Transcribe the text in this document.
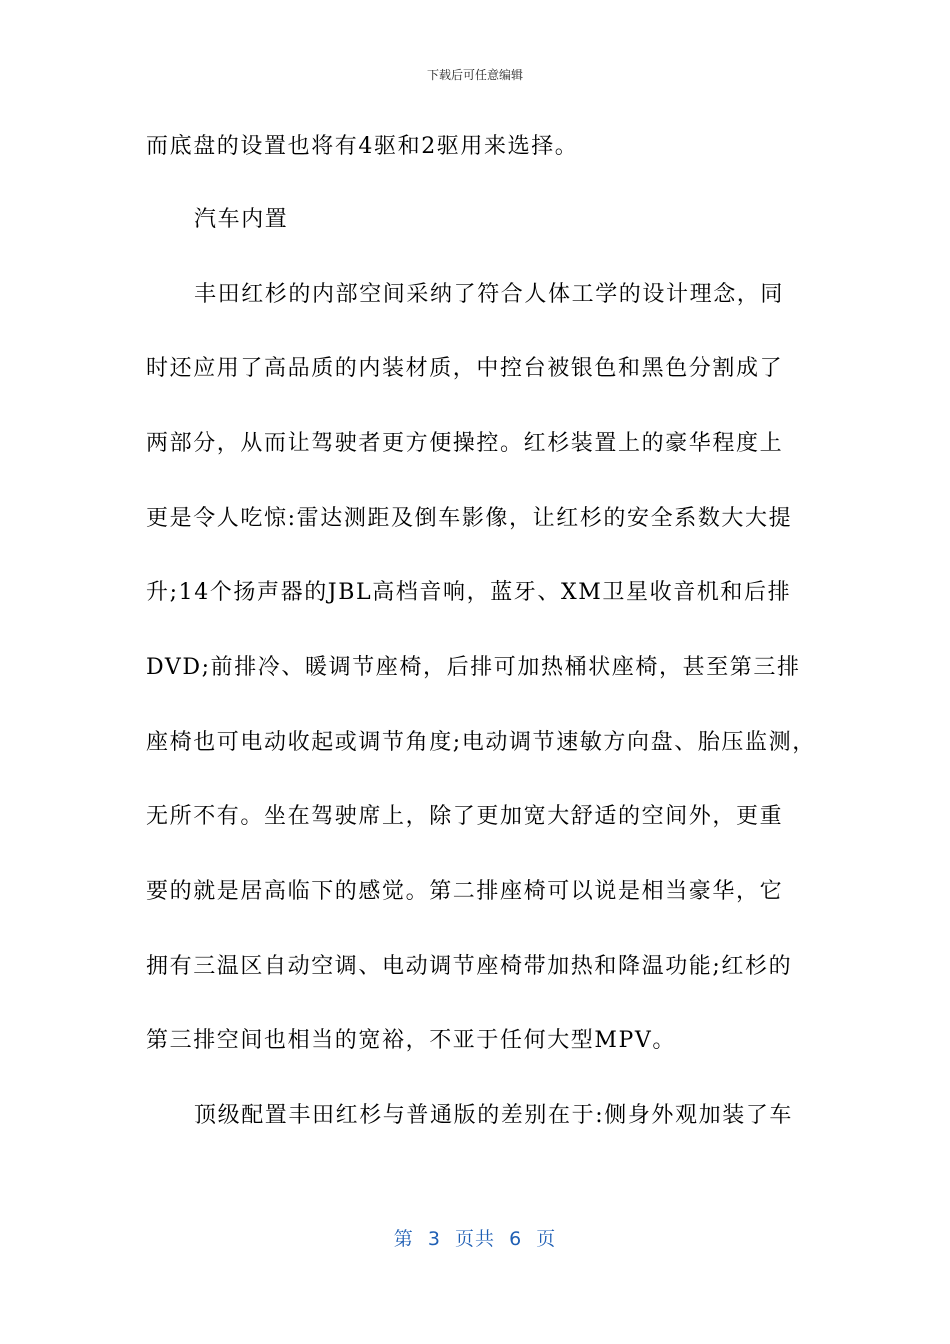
下载后可任意编辑
而底盘的设置也将有4驱和2驱用来选择。
汽车内置
丰田红杉的内部空间采纳了符合人体工学的设计理念，同
时还应用了高品质的内装材质，中控台被银色和黑色分割成了
两部分，从而让驾驶者更方便操控。红杉装置上的豪华程度上
更是令人吃惊:雷达测距及倒车影像，让红杉的安全系数大大提
升;14个扬声器的JBL高档音响，蓝牙、XM卫星收音机和后排
DVD;前排冷、暖调节座椅，后排可加热桶状座椅，甚至第三排
座椅也可电动收起或调节角度;电动调节速敏方向盘、胎压监测，
无所不有。坐在驾驶席上，除了更加宽大舒适的空间外，更重
要的就是居高临下的感觉。第二排座椅可以说是相当豪华，它
拥有三温区自动空调、电动调节座椅带加热和降温功能;红杉的
第三排空间也相当的宽裕，不亚于任何大型MPV。
顶级配置丰田红杉与普通版的差别在于:侧身外观加装了车
第  3  页共  6  页
